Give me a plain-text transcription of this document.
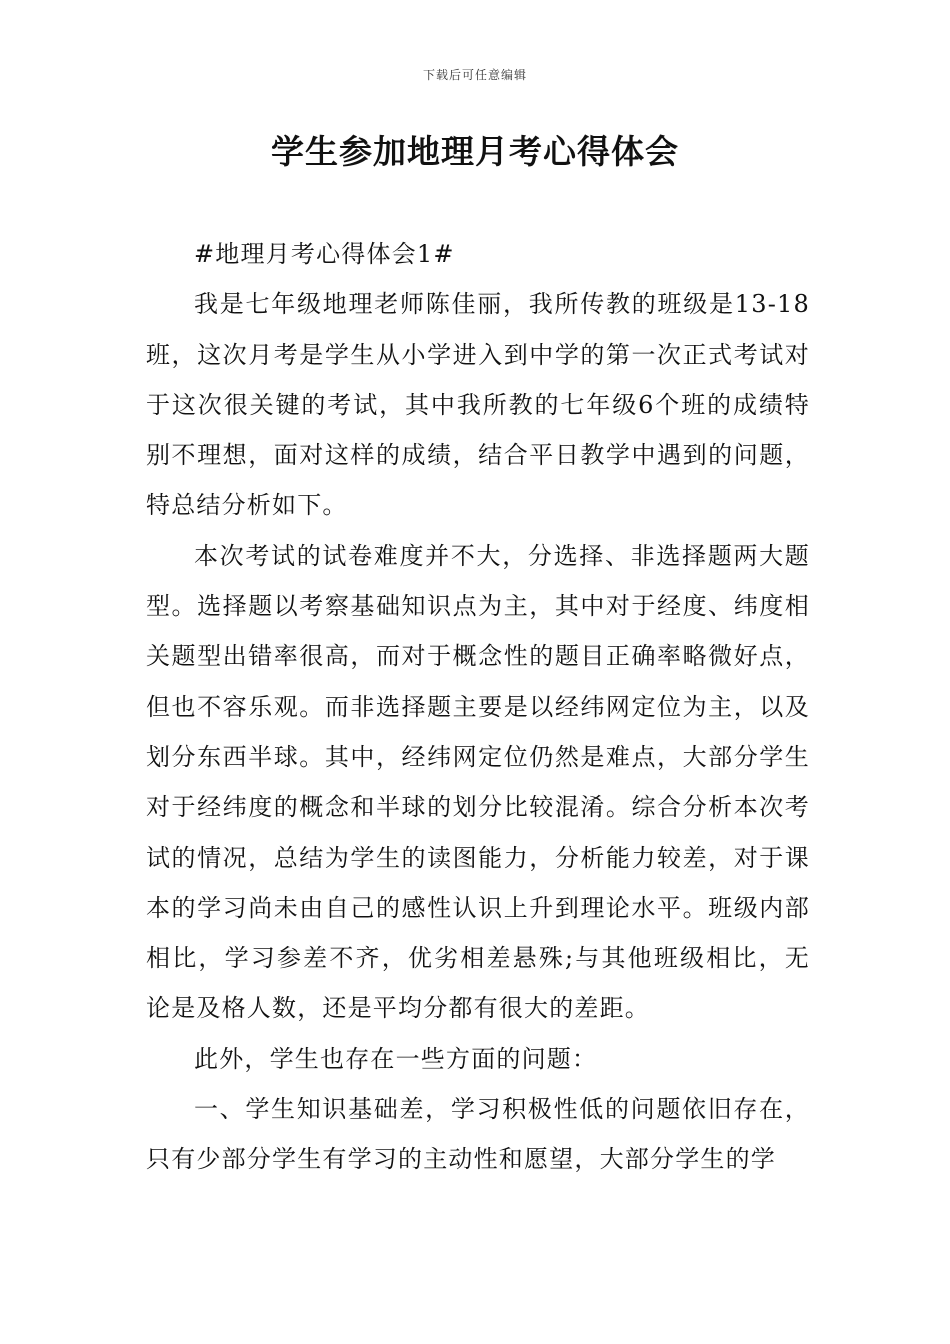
下载后可任意编辑
学生参加地理月考心得体会

#地理月考心得体会1#

我是七年级地理老师陈佳丽，我所传教的班级是13-18班，这次月考是学生从小学进入到中学的第一次正式考试对于这次很关键的考试，其中我所教的七年级6个班的成绩特别不理想，面对这样的成绩，结合平日教学中遇到的问题，特总结分析如下。

本次考试的试卷难度并不大，分选择、非选择题两大题型。选择题以考察基础知识点为主，其中对于经度、纬度相关题型出错率很高，而对于概念性的题目正确率略微好点，但也不容乐观。而非选择题主要是以经纬网定位为主，以及划分东西半球。其中，经纬网定位仍然是难点，大部分学生对于经纬度的概念和半球的划分比较混淆。综合分析本次考试的情况，总结为学生的读图能力，分析能力较差，对于课本的学习尚未由自己的感性认识上升到理论水平。班级内部相比，学习参差不齐，优劣相差悬殊;与其他班级相比，无论是及格人数，还是平均分都有很大的差距。

此外，学生也存在一些方面的问题：

一、学生知识基础差，学习积极性低的问题依旧存在，只有少部分学生有学习的主动性和愿望，大部分学生的学
